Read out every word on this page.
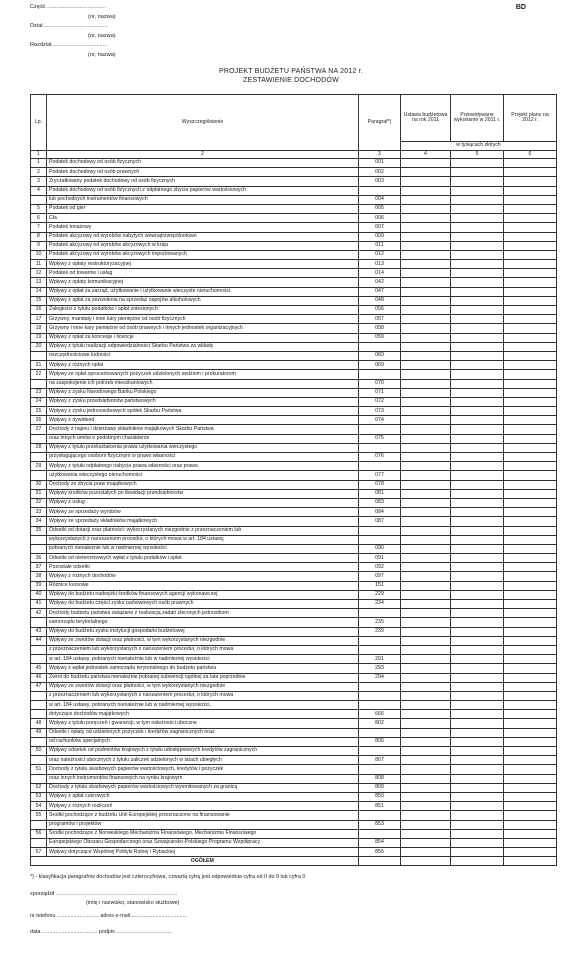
Część ......................................
(nr, nazwa)
Dział .........................................
(nr, nazwa)
Rozdział ...................................
(nr, nazwa)
BD
PROJEKT BUDŻETU PAŃSTWA NA 2012 r.
ZESTAWIENIE DOCHODÓW
Lp.	Wyszczególnienie	Paragraf*)	Ustawa budżetowa na rok 2011	Przewidywane wykonanie w 2011 r.	Projekt planu na 2012 r.
			w tysiącach złotych		
1	2	3	4	5	6
1	Podatek dochodowy od osób fizycznych	001			
2	Podatek dochodowy od osób prawnych	002			
3	Zryczałtowany podatek dochodowy od osób fizycznych	003			
4	Podatek dochodowy od osób fizycznych z odpłatnego zbycia papierów wartościowych				
	lub pochodnych instrumentów finansowych	004			
5	Podatek od gier	005			
6	Cła	006			
7	Podatek tonażowy	007			
8	Podatek akcyzowy od wyrobów nabytych wewnątrzwspólnotowo	009			
9	Podatek akcyzowy od wyrobów akcyzowych w kraju	011			
10	Podatek akcyzowy od wyrobów akcyzowych importowanych	012			
11	Wpływy z opłaty restrukturyzacyjnej	013			
12	Podatek od towarów i usług	014			
13	Wpływy z opłaty komunikacyjnej	042			
14	Wpływy z opłat za zarząd, użytkowanie i użytkowanie wieczyste nieruchomości	047			
15	Wpływy z opłat za zezwolenia na sprzedaż napojów alkoholowych	048			
16	Zaległości z tytułu podatków i opłat zniesionych	056			
17	Grzywny, mandaty i inne kary pieniężne od osób fizycznych	057			
18	Grzywny i inne kary pieniężne od osób prawnych i innych jednostek organizacyjnych	058			
19	Wpływy z opłat za koncesje i licencje	059			
20	Wpływy z tytułu realizacji odpowiedzialności Skarbu Państwa za wkłady				
	oszczędnościowe ludności	060			
21	Wpływy z różnych opłat	069			
22	Wpływy ze spłat oprocentowanych pożyczek udzielonych sędziom i prokuratorom				
	na zaspokojenie ich potrzeb mieszkaniowych	070			
23	Wpływy z zysku Narodowego Banku Polskiego	071			
24	Wpływy z zysku przedsiębiorstw państwowych	072			
25	Wpływy z zysku jednoosobowych spółek Skarbu Państwa	073			
26	Wpływy z dywidend	074			
27	Dochody z najmu i dzierżawy składników majątkowych Skarbu Państwa				
	oraz innych umów o podobnym charakterze	075			
28	Wpływy z tytułu przekształcenia prawa użytkowania wieczystego				
	przysługującego osobom fizycznym w prawo własności	076			
29	Wpływy z tytułu odpłatnego nabycia prawa własności oraz prawa				
	użytkowania wieczystego nieruchomości	077			
30	Dochody ze zbycia praw majątkowych	078			
31	Wpływy środków pozostałych po likwidacji przedsiębiorstw	081			
32	Wpływy z usług	083			
33	Wpływy ze sprzedaży wyrobów	084			
34	Wpływy ze sprzedaży składników majątkowych	087			
35	Odsetki od dotacji oraz płatności: wykorzystanych niezgodnie z przeznaczeniem lub				
	wykorzystanych z naruszeniem procedur, o których mowa w art. 184 ustawy,				
	pobranych nienależnie lub w nadmiernej wysokości	090			
36	Odsetki od nieterminowych wpłat z tytułu podatków i opłat	091			
37	Pozostałe odsetki	092			
38	Wpływy z różnych dochodów	097			
39	Różnice kursowe	151			
40	Wpływy do budżetu nadwyżki środków finansowych agencji wykonawczej	229			
41	Wpływy do budżetu części zysku państwowych osób prawnych	234			
42	Dochody budżetu państwa związane z realizacją zadań zleconych jednostkom				
	samorządu terytorialnego	235			
43	Wpływy do budżetu zysku instytucji gospodarki budżetowej	239			
44	Wpływy ze zwrotów dotacji oraz płatności, w tym wykorzystanych niezgodnie				
	z przeznaczeniem lub wykorzystanych z naruszeniem procedur, o których mowa				
	w art. 184 ustawy, pobranych nienależnie lub w nadmiernej wysokości	291			
45	Wpływy z wpłat jednostek samorządu terytorialnego do budżetu państwa	293			
46	Zwrot do budżetu państwa nienależnie pobranej subwencji ogólnej za lata poprzednie	294			
47	Wpływy ze zwrotów dotacji oraz płatności, w tym wykorzystanych niezgodnie				
	z przeznaczeniem lub wykorzystanych z naruszeniem procedur, o których mowa				
	w art. 184 ustawy, pobranych nienależnie lub w nadmiernej wysokości,				
	dotyczące dochodów majątkowych	666			
48	Wpływy z tytułu poręczeń i gwarancji, w tym należności uboczne	802			
49	Odsetki i opłaty od udzielonych pożyczek i kredytów zagranicznych oraz				
	od rachunków specjalnych	806			
50	Wpływy odsetek od podmiotów krajowych z tytułu udostępnionych kredytów zagranicznych				
	oraz należności ubocznych z tytułu zaliczek udzielonych w latach ubiegłych	807			
51	Dochody z tytułu skarbowych papierów wartościowych, kredytów i pożyczek				
	oraz innych instrumentów finansowych na rynku krajowym	808			
52	Dochody z tytułu skarbowych papierów wartościowych wyemitowanych za granicą	809			
53	Wpływy z opłat cukrowych	850			
54	Wpływy z różnych rozliczeń	851			
55	Środki pochodzące z budżetu Unii Europejskiej przeznaczone na finansowanie				
	programów i projektów	853			
56	Środki pochodzące z Norweskiego Mechanizmu Finansowego, Mechanizmu Finansowego				
	Europejskiego Obszaru Gospodarczego oraz Szwajcarsko-Polskiego Programu Współpracy	854			
57	Wpływy dotyczące Wspólnej Polityki Rolnej i Rybackiej	855			
	OGÓŁEM				
*) - klasyfikacja paragrafów dochodów jest czterocyfrowa, czwartą cyfrą jest odpowiednia cyfra od 0 do 9 lub cyfra 0
sporządził .................................................................................
(imię i nazwisko, stanowisko służbowe)
nr telefonu ............................ adres e-mail .....................................
data ..................................... podpis .....................................
